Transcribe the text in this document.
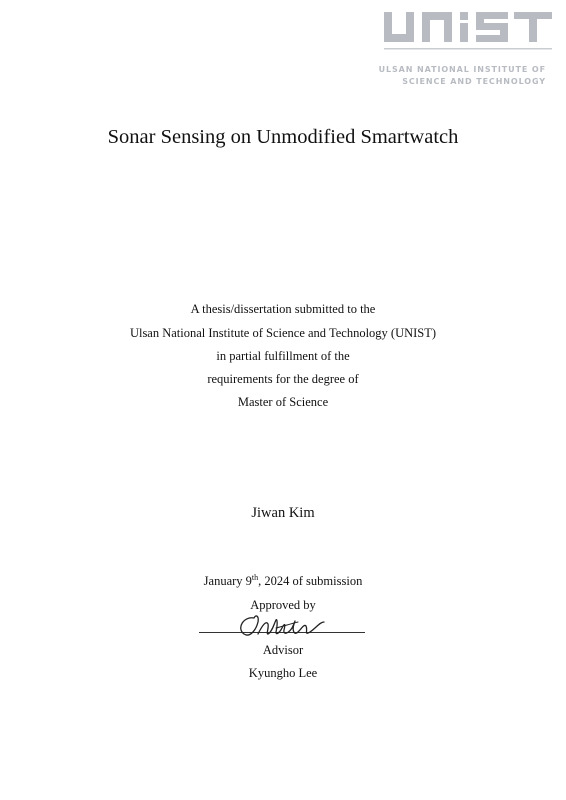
ULSAN NATIONAL INSTITUTE OF
SCIENCE AND TECHNOLOGY
Sonar Sensing on Unmodified Smartwatch
A thesis/dissertation submitted to the
Ulsan National Institute of Science and Technology (UNIST)
in partial fulfillment of the
requirements for the degree of
Master of Science
Jiwan Kim
January 9th, 2024 of submission
Approved by
Advisor
Kyungho Lee
